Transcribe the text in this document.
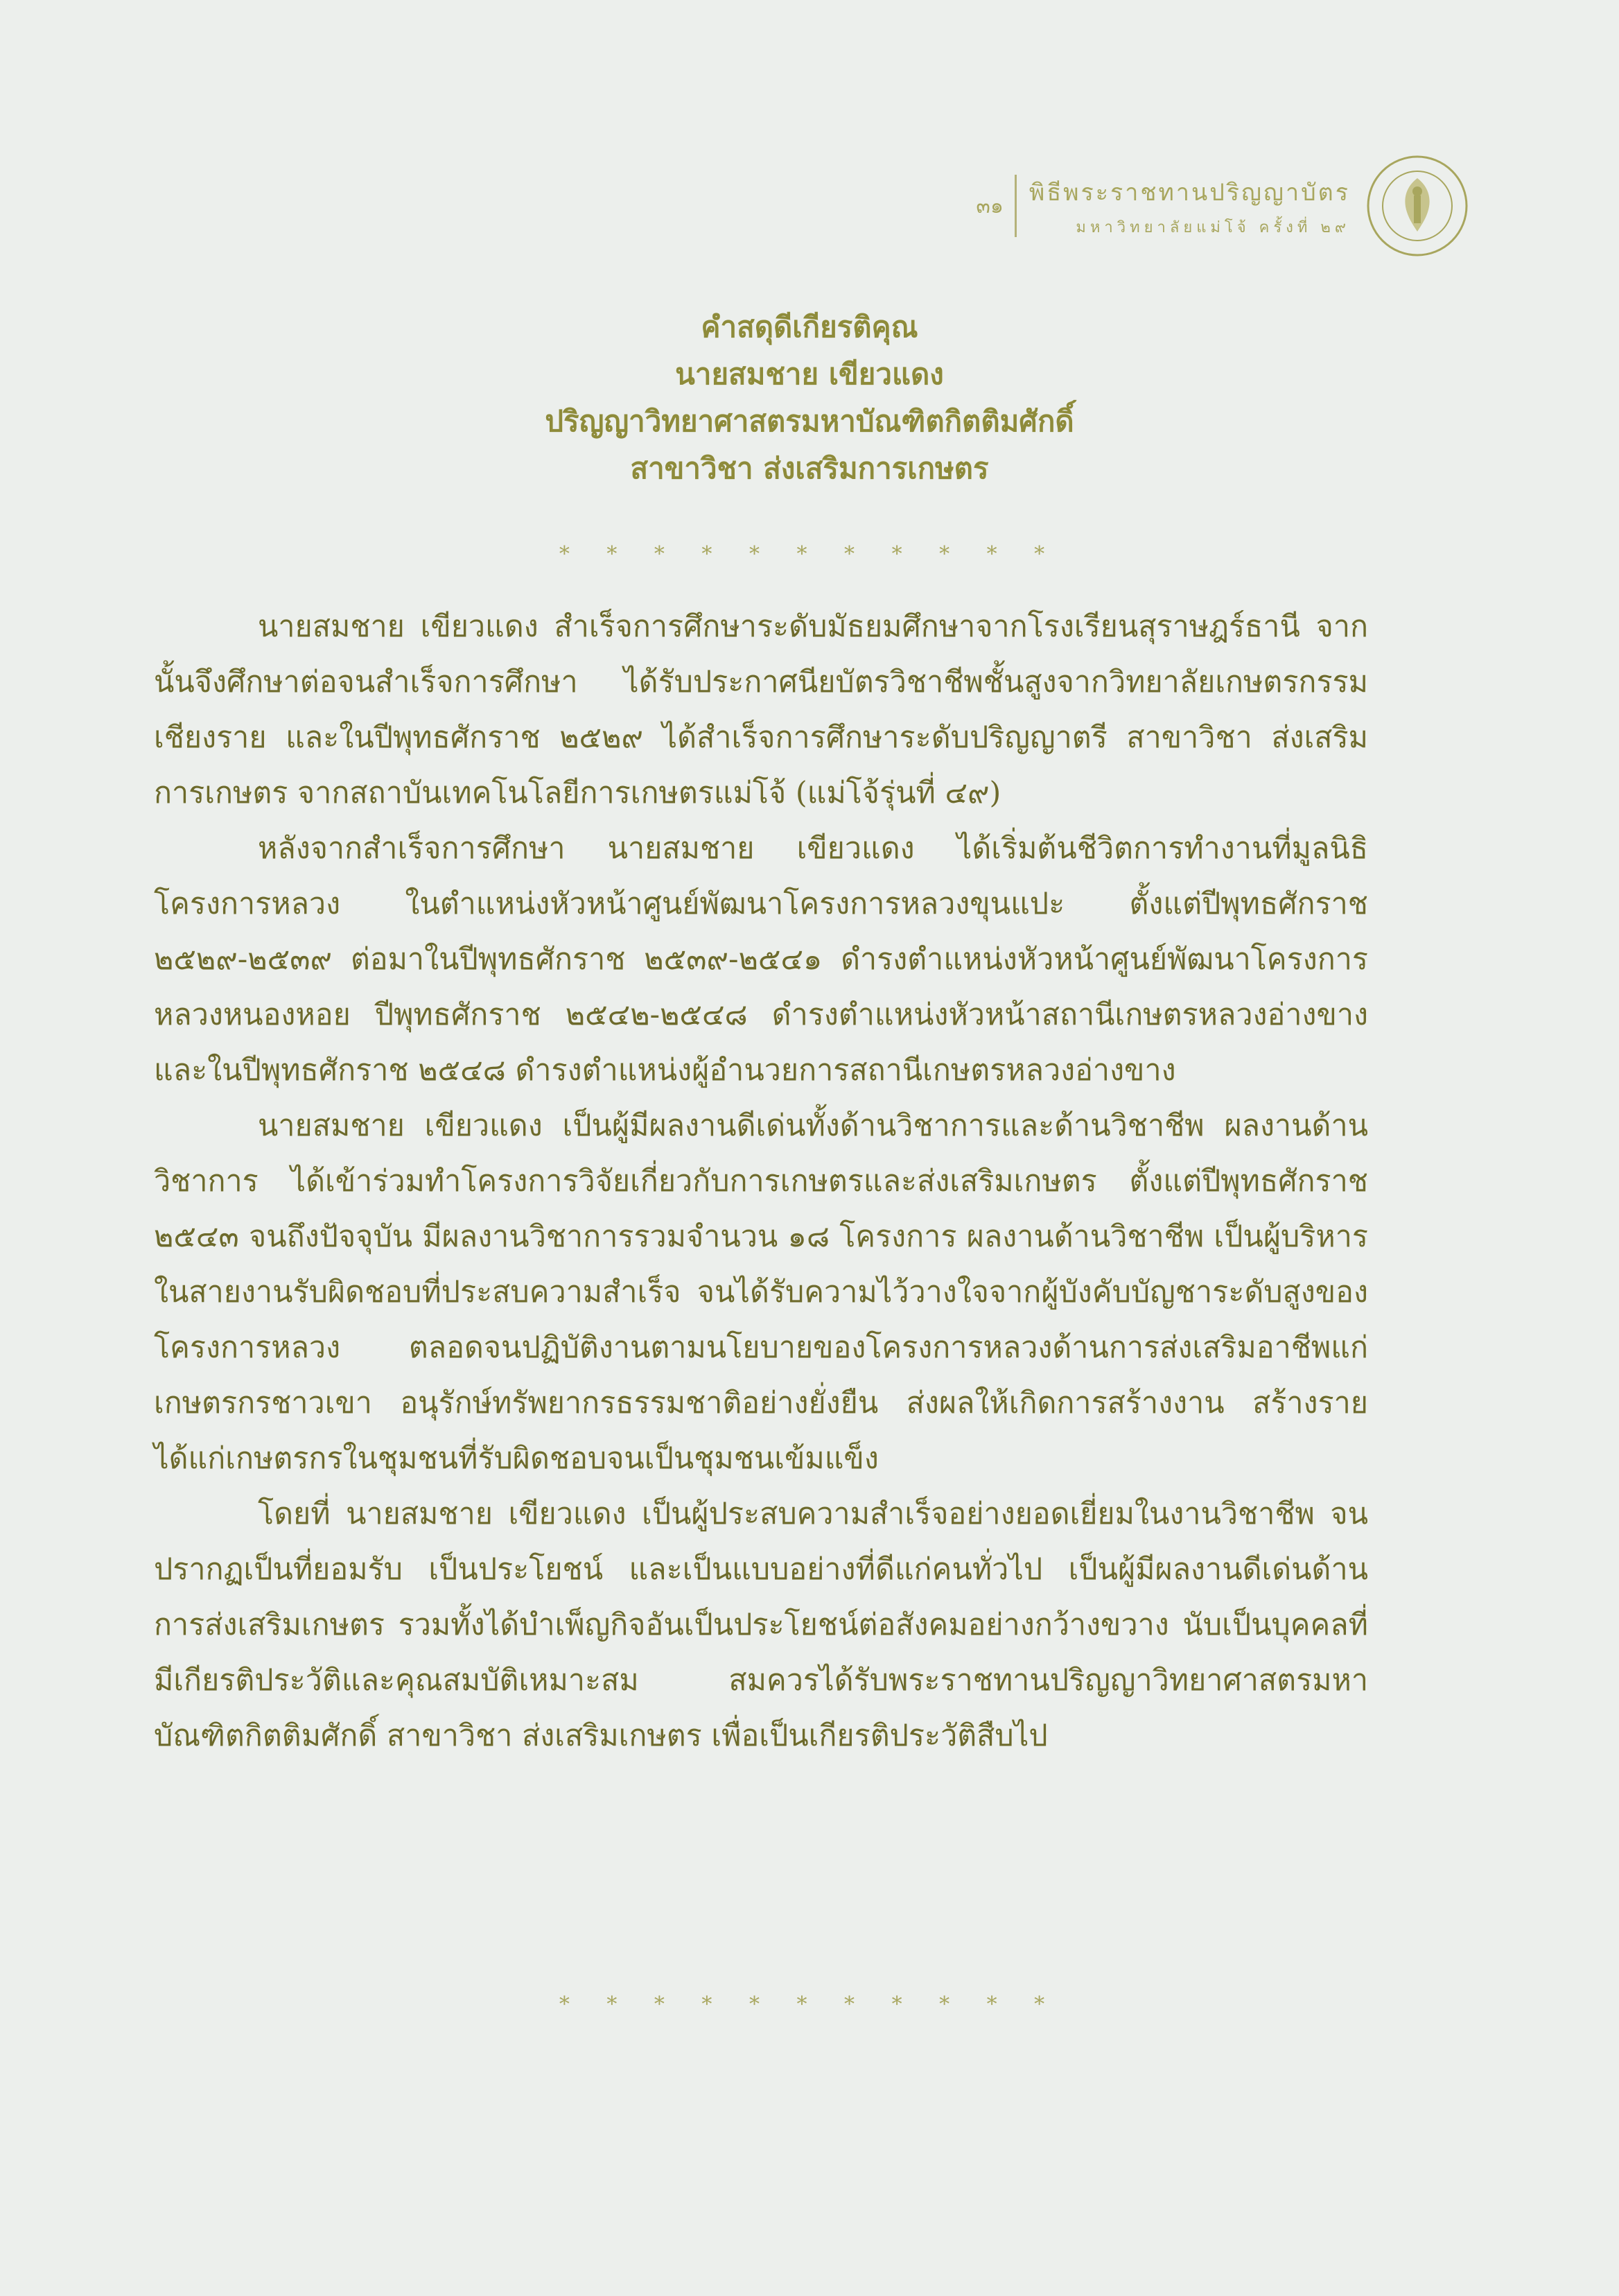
๓๑	พิธีพระราชทานปริญญาบัตร
มหาวิทยาลัยแม่โจ้ ครั้งที่ ๒๙
คำสดุดีเกียรติคุณ
นายสมชาย เขียวแดง
ปริญญาวิทยาศาสตรมหาบัณฑิตกิตติมศักดิ์
สาขาวิชา ส่งเสริมการเกษตร
* * * * * * * * * * *

นายสมชาย เขียวแดง สำเร็จการศึกษาระดับมัธยมศึกษาจากโรงเรียนสุราษฎร์ธานี จากนั้นจึงศึกษาต่อจนสำเร็จการศึกษา ได้รับประกาศนียบัตรวิชาชีพชั้นสูงจากวิทยาลัยเกษตรกรรมเชียงราย และในปีพุทธศักราช ๒๕๒๙ ได้สำเร็จการศึกษาระดับปริญญาตรี สาขาวิชา ส่งเสริมการเกษตร จากสถาบันเทคโนโลยีการเกษตรแม่โจ้ (แม่โจ้รุ่นที่ ๔๙)

หลังจากสำเร็จการศึกษา นายสมชาย เขียวแดง ได้เริ่มต้นชีวิตการทำงานที่มูลนิธิโครงการหลวง ในตำแหน่งหัวหน้าศูนย์พัฒนาโครงการหลวงขุนแปะ ตั้งแต่ปีพุทธศักราช ๒๕๒๙-๒๕๓๙ ต่อมาในปีพุทธศักราช ๒๕๓๙-๒๕๔๑ ดำรงตำแหน่งหัวหน้าศูนย์พัฒนาโครงการหลวงหนองหอย ปีพุทธศักราช ๒๕๔๒-๒๕๔๘ ดำรงตำแหน่งหัวหน้าสถานีเกษตรหลวงอ่างขาง และในปีพุทธศักราช ๒๕๔๘ ดำรงตำแหน่งผู้อำนวยการสถานีเกษตรหลวงอ่างขาง

นายสมชาย เขียวแดง เป็นผู้มีผลงานดีเด่นทั้งด้านวิชาการและด้านวิชาชีพ ผลงานด้านวิชาการ ได้เข้าร่วมทำโครงการวิจัยเกี่ยวกับการเกษตรและส่งเสริมเกษตร ตั้งแต่ปีพุทธศักราช ๒๕๔๓ จนถึงปัจจุบัน มีผลงานวิชาการรวมจำนวน ๑๘ โครงการ ผลงานด้านวิชาชีพ เป็นผู้บริหารในสายงานรับผิดชอบที่ประสบความสำเร็จ จนได้รับความไว้วางใจจากผู้บังคับบัญชาระดับสูงของโครงการหลวง ตลอดจนปฏิบัติงานตามนโยบายของโครงการหลวงด้านการส่งเสริมอาชีพแก่เกษตรกรชาวเขา อนุรักษ์ทรัพยากรธรรมชาติอย่างยั่งยืน ส่งผลให้เกิดการสร้างงาน สร้างรายได้แก่เกษตรกรในชุมชนที่รับผิดชอบจนเป็นชุมชนเข้มแข็ง

โดยที่ นายสมชาย เขียวแดง เป็นผู้ประสบความสำเร็จอย่างยอดเยี่ยมในงานวิชาชีพ จนปรากฏเป็นที่ยอมรับ เป็นประโยชน์ และเป็นแบบอย่างที่ดีแก่คนทั่วไป เป็นผู้มีผลงานดีเด่นด้านการส่งเสริมเกษตร รวมทั้งได้บำเพ็ญกิจอันเป็นประโยชน์ต่อสังคมอย่างกว้างขวาง นับเป็นบุคคลที่มีเกียรติประวัติและคุณสมบัติเหมาะสม สมควรได้รับพระราชทานปริญญาวิทยาศาสตรมหาบัณฑิตกิตติมศักดิ์ สาขาวิชา ส่งเสริมเกษตร เพื่อเป็นเกียรติประวัติสืบไป

* * * * * * * * * * *
